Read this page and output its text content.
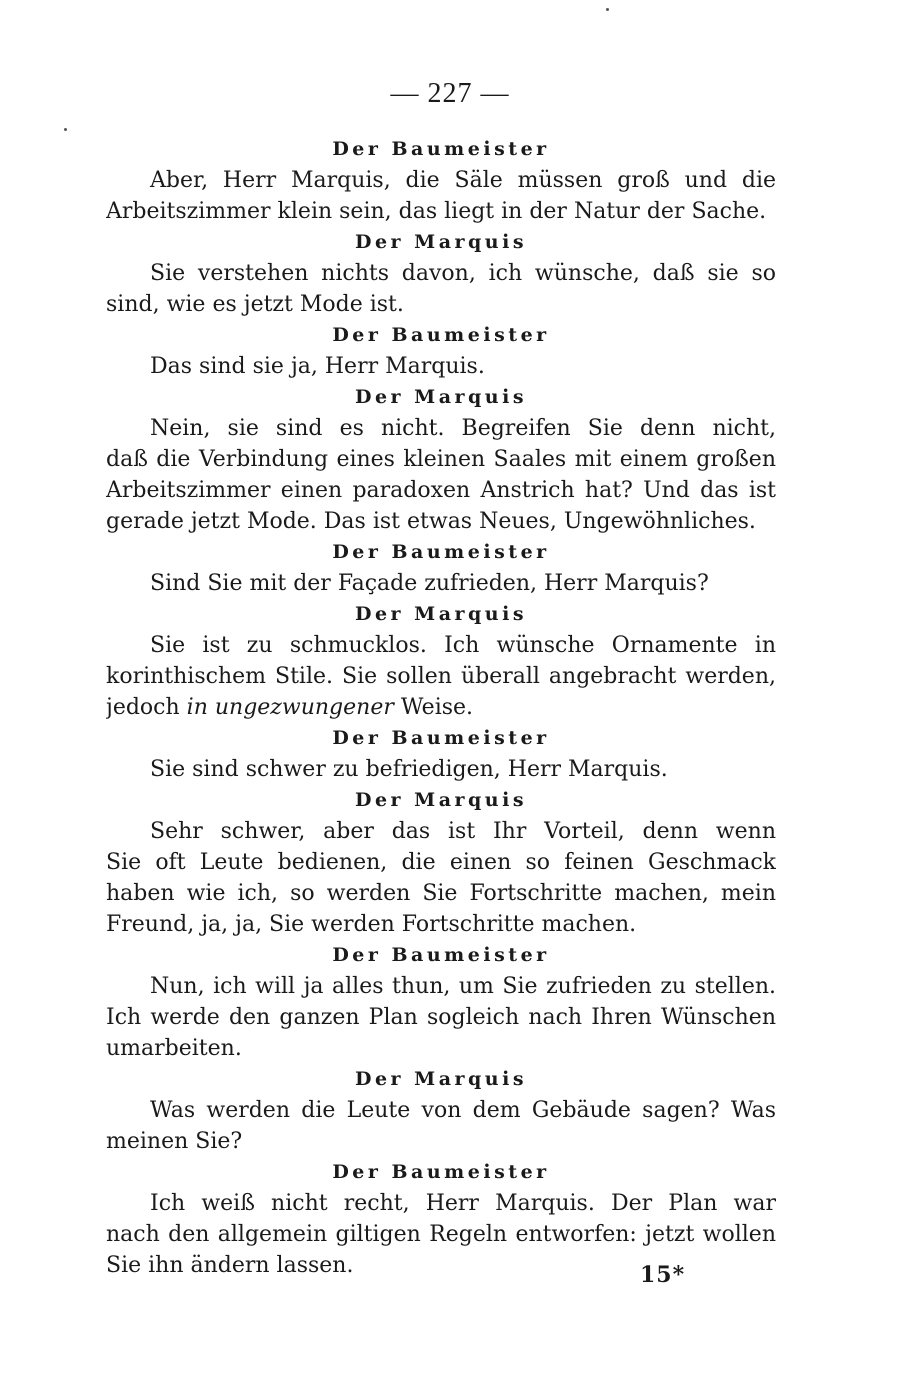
— 227 —
Der Baumeister
Aber, Herr Marquis, die Säle müssen groß und die
Arbeitszimmer klein sein, das liegt in der Natur der Sache.
Der Marquis
Sie verstehen nichts davon, ich wünsche, daß sie so
sind, wie es jetzt Mode ist.
Der Baumeister
Das sind sie ja, Herr Marquis.
Der Marquis
Nein, sie sind es nicht. Begreifen Sie denn nicht,
daß die Verbindung eines kleinen Saales mit einem großen
Arbeitszimmer einen paradoxen Anstrich hat? Und das ist
gerade jetzt Mode. Das ist etwas Neues, Ungewöhnliches.
Der Baumeister
Sind Sie mit der Façade zufrieden, Herr Marquis?
Der Marquis
Sie ist zu schmucklos. Ich wünsche Ornamente in
korinthischem Stile. Sie sollen überall angebracht werden,
jedoch in ungezwungener Weise.
Der Baumeister
Sie sind schwer zu befriedigen, Herr Marquis.
Der Marquis
Sehr schwer, aber das ist Ihr Vorteil, denn wenn
Sie oft Leute bedienen, die einen so feinen Geschmack
haben wie ich, so werden Sie Fortschritte machen, mein
Freund, ja, ja, Sie werden Fortschritte machen.
Der Baumeister
Nun, ich will ja alles thun, um Sie zufrieden zu stellen.
Ich werde den ganzen Plan sogleich nach Ihren Wünschen
umarbeiten.
Der Marquis
Was werden die Leute von dem Gebäude sagen? Was
meinen Sie?
Der Baumeister
Ich weiß nicht recht, Herr Marquis. Der Plan war
nach den allgemein giltigen Regeln entworfen: jetzt wollen
Sie ihn ändern lassen.	15*
